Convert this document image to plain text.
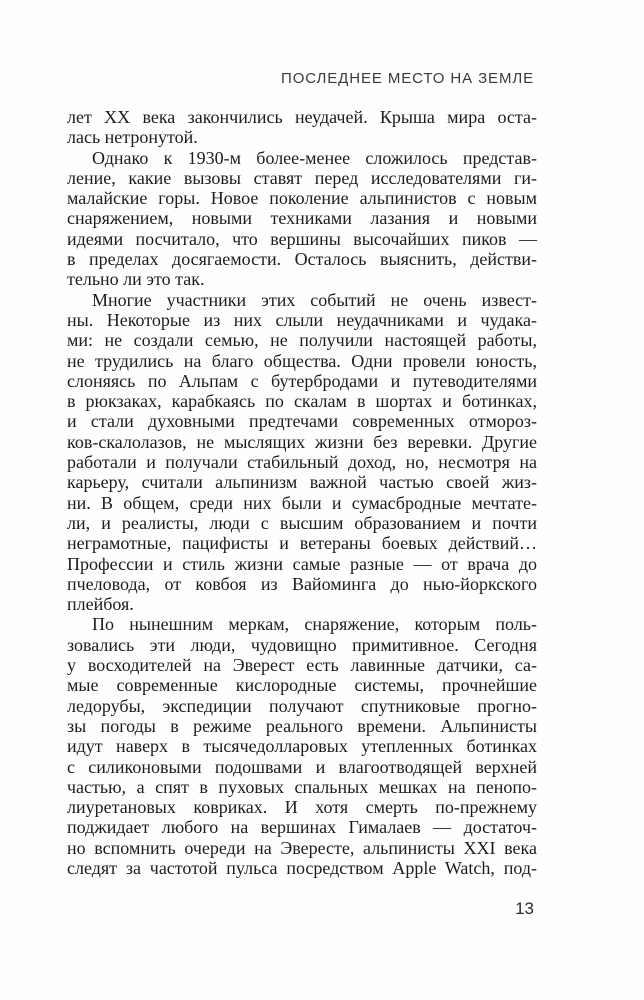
ПОСЛЕДНЕЕ МЕСТО НА ЗЕМЛЕ
лет XX века закончились неудачей. Крыша мира оста-
лась нетронутой.
Однако к 1930-м более-менее сложилось представ-
ление, какие вызовы ставят перед исследователями ги-
малайские горы. Новое поколение альпинистов с новым
снаряжением, новыми техниками лазания и новыми
идеями посчитало, что вершины высочайших пиков —
в пределах досягаемости. Осталось выяснить, действи-
тельно ли это так.
Многие участники этих событий не очень извест-
ны. Некоторые из них слыли неудачниками и чудака-
ми: не создали семью, не получили настоящей работы,
не трудились на благо общества. Одни провели юность,
слоняясь по Альпам с бутербродами и путеводителями
в рюкзаках, карабкаясь по скалам в шортах и ботинках,
и стали духовными предтечами современных отмороз-
ков-скалолазов, не мыслящих жизни без веревки. Другие
работали и получали стабильный доход, но, несмотря на
карьеру, считали альпинизм важной частью своей жиз-
ни. В общем, среди них были и сумасбродные мечтате-
ли, и реалисты, люди с высшим образованием и почти
неграмотные, пацифисты и ветераны боевых действий…
Профессии и стиль жизни самые разные — от врача до
пчеловода, от ковбоя из Вайоминга до нью-йоркского
плейбоя.
По нынешним меркам, снаряжение, которым поль-
зовались эти люди, чудовищно примитивное. Сегодня
у восходителей на Эверест есть лавинные датчики, са-
мые современные кислородные системы, прочнейшие
ледорубы, экспедиции получают спутниковые прогно-
зы погоды в режиме реального времени. Альпинисты
идут наверх в тысячедолларовых утепленных ботинках
с силиконовыми подошвами и влагоотводящей верхней
частью, а спят в пуховых спальных мешках на пенопо-
лиуретановых ковриках. И хотя смерть по-прежнему
поджидает любого на вершинах Гималаев — достаточ-
но вспомнить очереди на Эвересте, альпинисты XXI века
следят за частотой пульса посредством Apple Watch, под-
13
